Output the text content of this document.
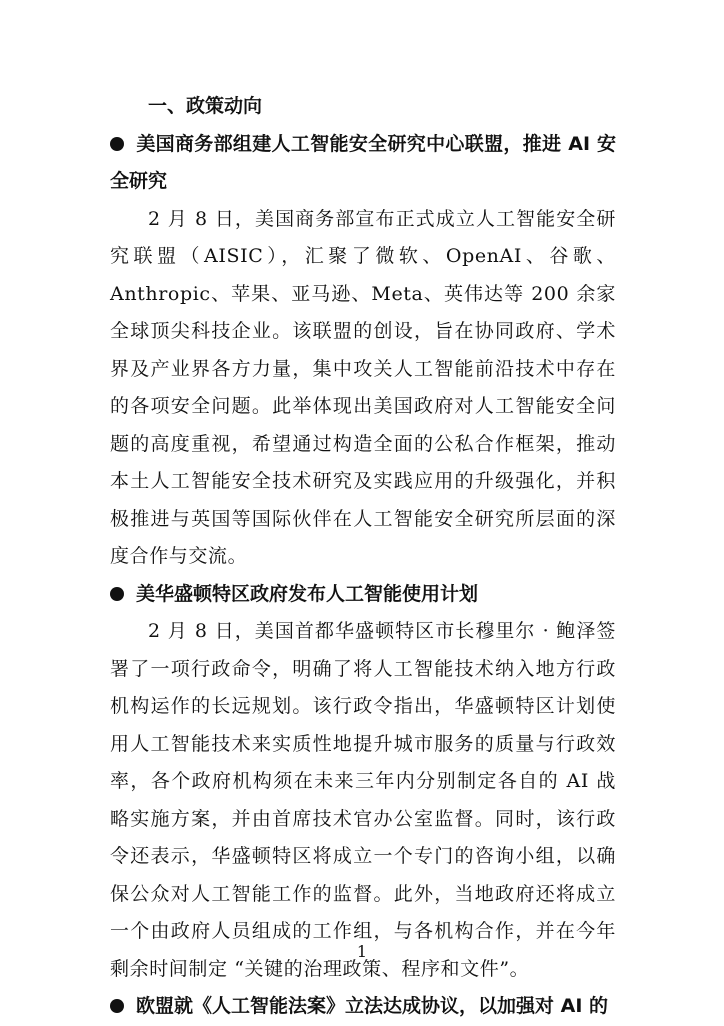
一、政策动向

美国商务部组建人工智能安全研究中心联盟，推进 AI 安全研究

2 月 8 日，美国商务部宣布正式成立人工智能安全研究联盟（AISIC），汇聚了微软、OpenAI、谷歌、Anthropic、苹果、亚马逊、Meta、英伟达等 200 余家全球顶尖科技企业。该联盟的创设，旨在协同政府、学术界及产业界各方力量，集中攻关人工智能前沿技术中存在的各项安全问题。此举体现出美国政府对人工智能安全问题的高度重视，希望通过构造全面的公私合作框架，推动本土人工智能安全技术研究及实践应用的升级强化，并积极推进与英国等国际伙伴在人工智能安全研究所层面的深度合作与交流。

美华盛顿特区政府发布人工智能使用计划

2 月 8 日，美国首都华盛顿特区市长穆里尔 · 鲍泽签署了一项行政命令，明确了将人工智能技术纳入地方行政机构运作的长远规划。该行政令指出，华盛顿特区计划使用人工智能技术来实质性地提升城市服务的质量与行政效率，各个政府机构须在未来三年内分别制定各自的 AI 战略实施方案，并由首席技术官办公室监督。同时，该行政令还表示，华盛顿特区将成立一个专门的咨询小组，以确保公众对人工智能工作的监督。此外，当地政府还将成立一个由政府人员组成的工作组，与各机构合作，并在今年剩余时间制定 “关键的治理政策、程序和文件”。

欧盟就《人工智能法案》立法达成协议，以加强对 AI 的

1
